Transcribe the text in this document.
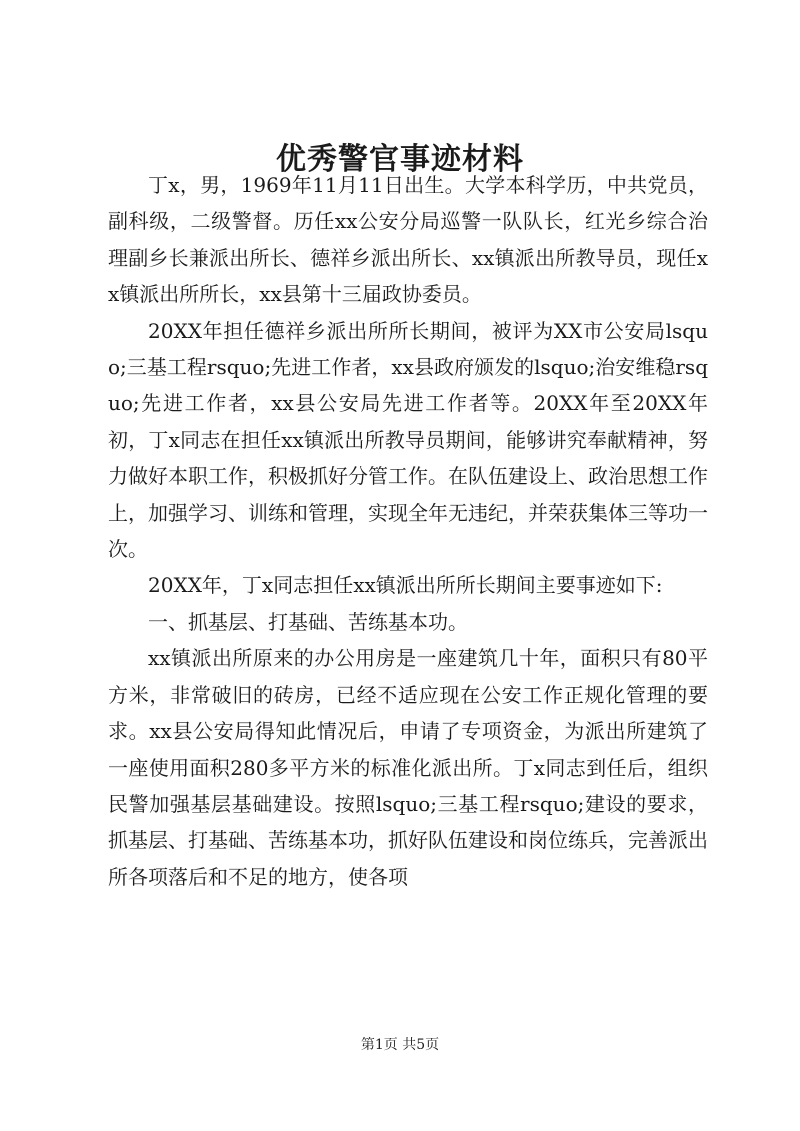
优秀警官事迹材料

丁x，男，1969年11月11日出生。大学本科学历，中共党员，副科级，二级警督。历任xx公安分局巡警一队队长，红光乡综合治理副乡长兼派出所长、德祥乡派出所长、xx镇派出所教导员，现任xx镇派出所所长，xx县第十三届政协委员。

20XX年担任德祥乡派出所所长期间，被评为XX市公安局lsquo;三基工程rsquo;先进工作者，xx县政府颁发的lsquo;治安维稳rsquo;先进工作者，xx县公安局先进工作者等。20XX年至20XX年初，丁x同志在担任xx镇派出所教导员期间，能够讲究奉献精神，努力做好本职工作，积极抓好分管工作。在队伍建设上、政治思想工作上，加强学习、训练和管理，实现全年无违纪，并荣获集体三等功一次。

20XX年，丁x同志担任xx镇派出所所长期间主要事迹如下:

一、抓基层、打基础、苦练基本功。

xx镇派出所原来的办公用房是一座建筑几十年，面积只有80平方米，非常破旧的砖房，已经不适应现在公安工作正规化管理的要求。xx县公安局得知此情况后，申请了专项资金，为派出所建筑了一座使用面积280多平方米的标准化派出所。丁x同志到任后，组织民警加强基层基础建设。按照lsquo;三基工程rsquo;建设的要求，抓基层、打基础、苦练基本功，抓好队伍建设和岗位练兵，完善派出所各项落后和不足的地方，使各项

第1页 共5页
